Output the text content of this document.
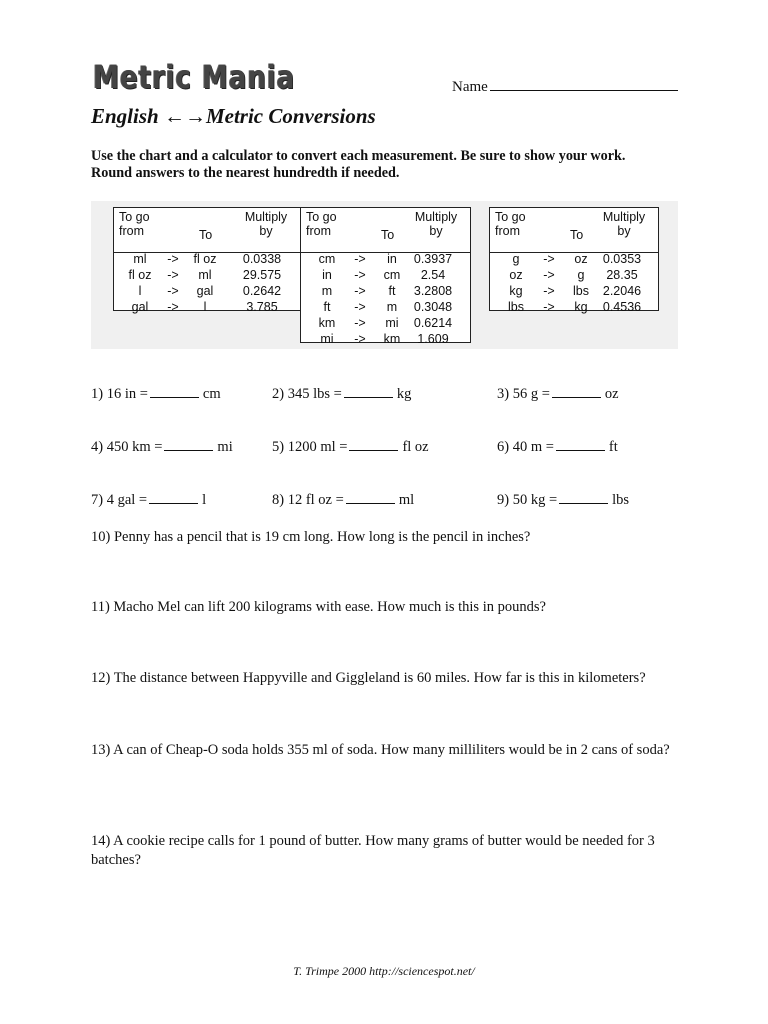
Metric Mania	Name
English ←→Metric Conversions
Use the chart and a calculator to convert each measurement. Be sure to show your work.
Round answers to the nearest hundredth if needed.
To go
from	To
Multiply
by
ml	->	fl oz	0.0338
fl oz	->	ml	29.575
l	->	gal	0.2642
gal	->	l	3.785
To go
from	To
Multiply
by
cm	->	in	0.3937
in	->	cm	2.54
m	->	ft	3.2808
ft	->	m	0.3048
km	->	mi	0.6214
mi	->	km	1.609
To go
from	To
Multiply
by
g	->	oz	0.0353
oz	->	g	28.35
kg	->	lbs	2.2046
lbs	->	kg	0.4536
1) 16 in =	cm	2) 345 lbs =	kg	3) 56 g =	oz
4) 450 km =	mi	5) 1200 ml =	fl oz	6) 40 m =	ft
7) 4 gal =	l	8) 12 fl oz =	ml	9) 50 kg =	lbs
10) Penny has a pencil that is 19 cm long. How long is the pencil in inches?
11) Macho Mel can lift 200 kilograms with ease. How much is this in pounds?
12) The distance between Happyville and Giggleland is 60 miles. How far is this in kilometers?
13) A can of Cheap-O soda holds 355 ml of soda. How many milliliters would be in 2 cans of soda?
14) A cookie recipe calls for 1 pound of butter. How many grams of butter would be needed for 3 batches?
T. Trimpe 2000 http://sciencespot.net/
